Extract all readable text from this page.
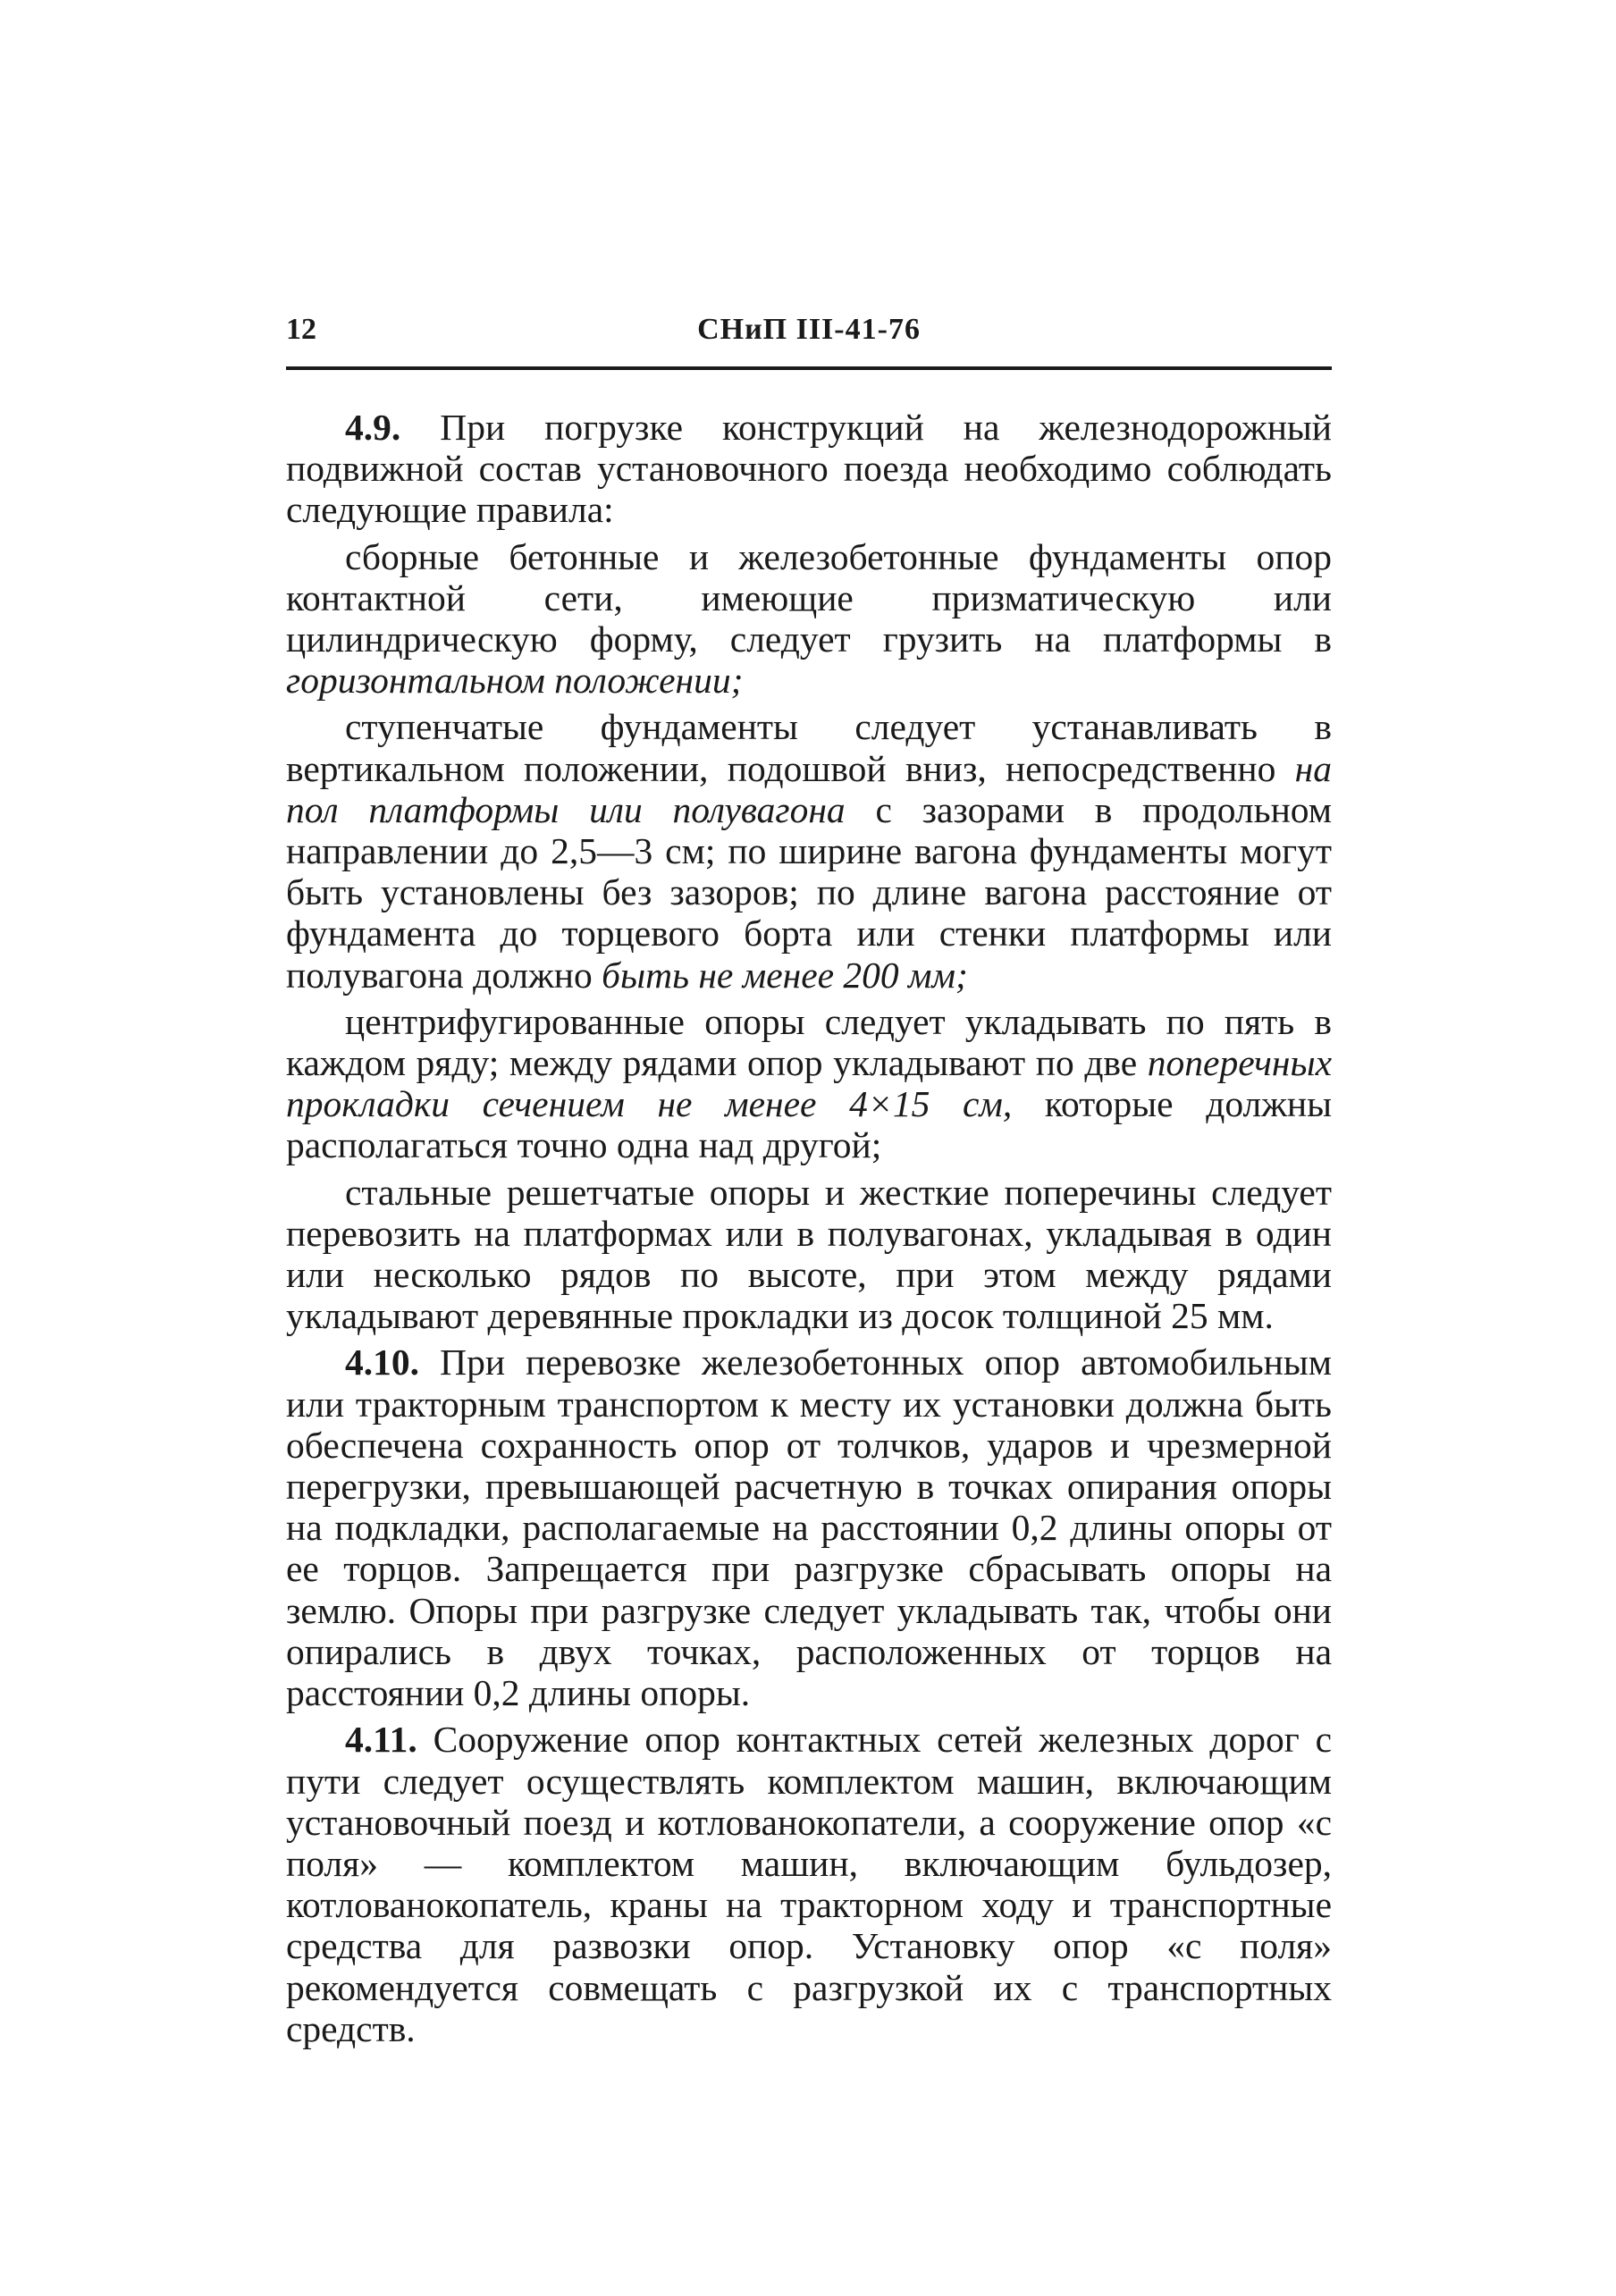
12	СНиП III-41-76

4.9. При погрузке конструкций на железнодорожный подвижной состав установочного поезда необходимо соблюдать следующие правила:

сборные бетонные и железобетонные фундаменты опор контактной сети, имеющие призматическую или цилиндрическую форму, следует грузить на платформы в горизонтальном положении;

ступенчатые фундаменты следует устанавливать в вертикальном положении, подошвой вниз, непосредственно на пол платформы или полувагона с зазорами в продольном направлении до 2,5—3 см; по ширине вагона фундаменты могут быть установлены без зазоров; по длине вагона расстояние от фундамента до торцевого борта или стенки платформы или полувагона должно быть не менее 200 мм;

центрифугированные опоры следует укладывать по пять в каждом ряду; между рядами опор укладывают по две поперечных прокладки сечением не менее 4×15 см, которые должны располагаться точно одна над другой;

стальные решетчатые опоры и жесткие поперечины следует перевозить на платформах или в полувагонах, укладывая в один или несколько рядов по высоте, при этом между рядами укладывают деревянные прокладки из досок толщиной 25 мм.

4.10. При перевозке железобетонных опор автомобильным или тракторным транспортом к месту их установки должна быть обеспечена сохранность опор от толчков, ударов и чрезмерной перегрузки, превышающей расчетную в точках опирания опоры на подкладки, располагаемые на расстоянии 0,2 длины опоры от ее торцов. Запрещается при разгрузке сбрасывать опоры на землю. Опоры при разгрузке следует укладывать так, чтобы они опирались в двух точках, расположенных от торцов на расстоянии 0,2 длины опоры.

4.11. Сооружение опор контактных сетей железных дорог с пути следует осуществлять комплектом машин, включающим установочный поезд и котлованокопатели, а сооружение опор «с поля» — комплектом машин, включающим бульдозер, котлованокопатель, краны на тракторном ходу и транспортные средства для развозки опор. Установку опор «с поля» рекомендуется совмещать с разгрузкой их с транспортных средств.
